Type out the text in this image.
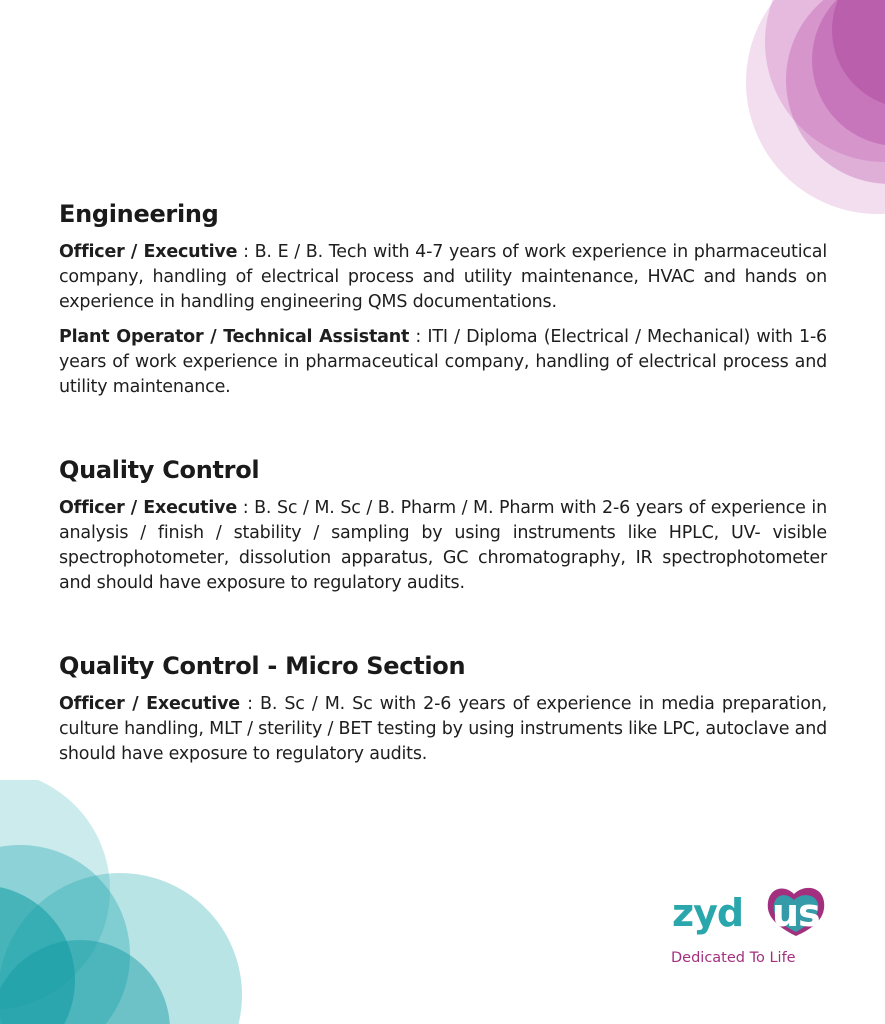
Engineering

Officer / Executive : B. E / B. Tech with 4-7 years of work experience in pharmaceutical company, handling of electrical process and utility maintenance, HVAC and hands on experience in handling engineering QMS documentations.

Plant Operator / Technical Assistant : ITI / Diploma (Electrical / Mechanical) with 1-6 years of work experience in pharmaceutical company, handling of electrical process and utility maintenance.

Quality Control

Officer / Executive : B. Sc / M. Sc / B. Pharm / M. Pharm with 2-6 years of experience in analysis / finish / stability / sampling by using instruments like HPLC, UV- visible spectrophotometer, dissolution apparatus, GC chromatography, IR spectrophotometer and should have exposure to regulatory audits.

Quality Control - Micro Section

Officer / Executive : B. Sc / M. Sc with 2-6 years of experience in media preparation, culture handling, MLT / sterility / BET testing by using instruments like LPC, autoclave and should have exposure to regulatory audits.

zyd us
Dedicated To Life
